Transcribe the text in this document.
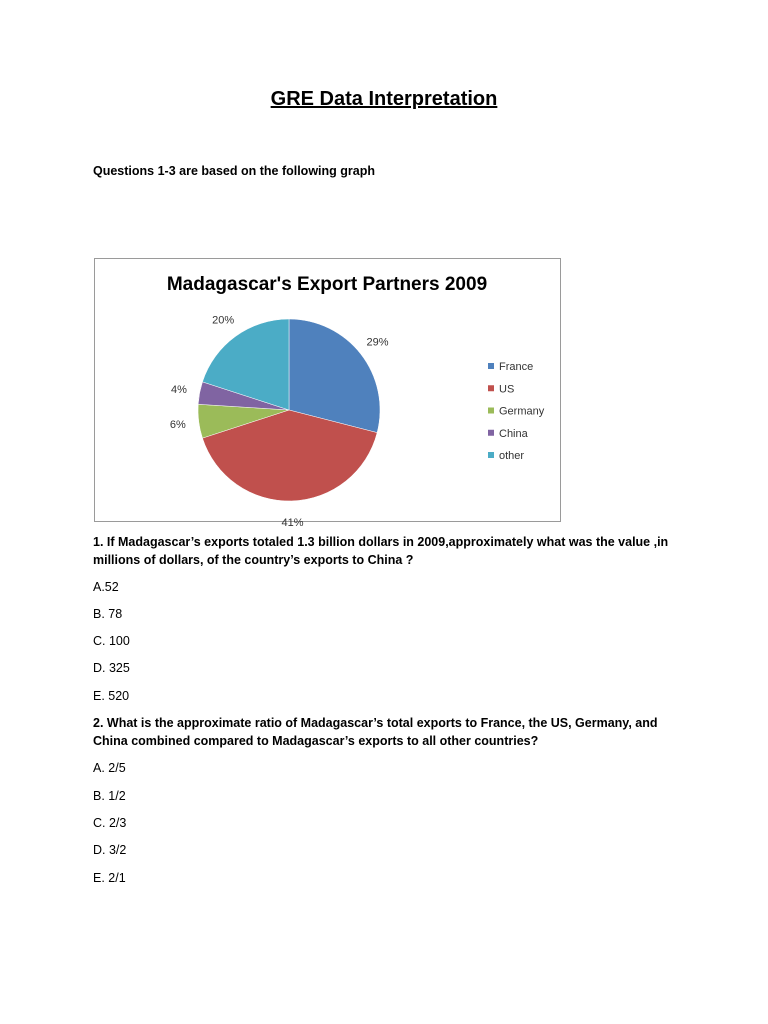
GRE Data Interpretation
Questions 1-3 are based on the following graph
Madagascar's Export Partners 2009
29%
41%
6%
4%
20%
France
US
Germany
China
other
1. If Madagascar’s exports totaled 1.3 billion dollars in 2009,approximately what was the value ,in millions of dollars, of the country’s exports to China ?
A.52
B. 78
C. 100
D. 325
E. 520
2. What is the approximate ratio of Madagascar’s total exports to France, the US, Germany, and China combined compared to Madagascar’s exports to all other countries?
A. 2/5
B. 1/2
C. 2/3
D. 3/2
E. 2/1
